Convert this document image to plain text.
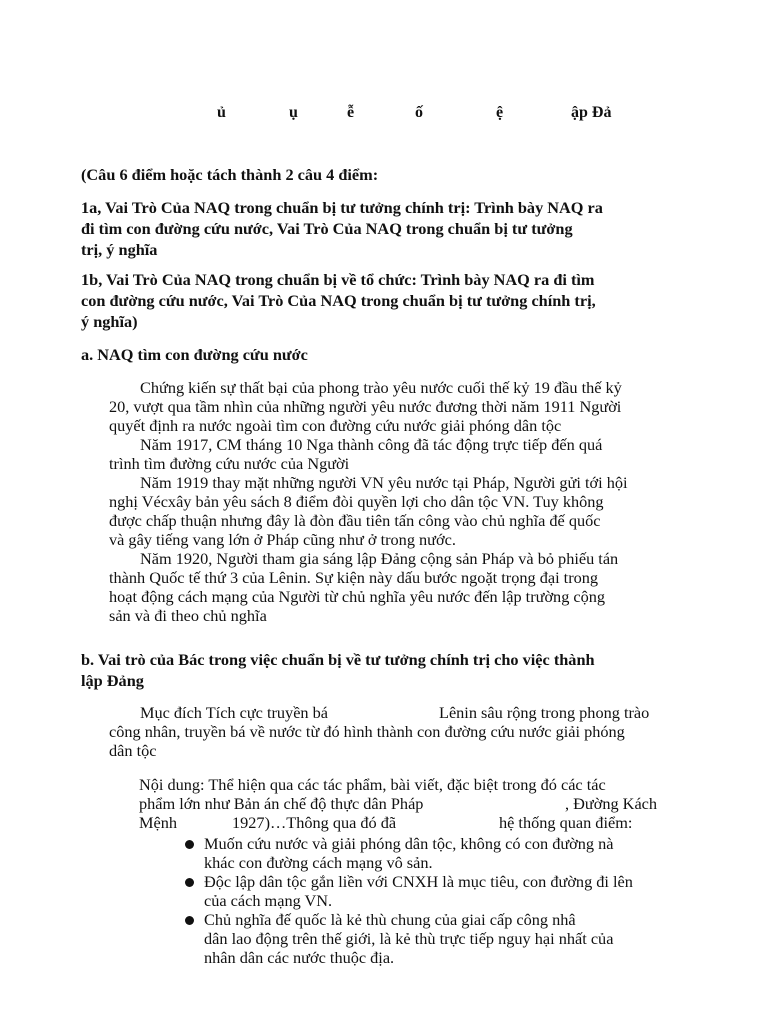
ủ	ụ	ễ	ố	ệ	ập Đả

(Câu 6 điểm hoặc tách thành 2 câu 4 điểm:

1a, Vai Trò Của NAQ trong chuẩn bị tư tưởng chính trị: Trình bày NAQ ra
đi tìm con đường cứu nước, Vai Trò Của NAQ trong chuẩn bị tư tưởng
trị, ý nghĩa
1b, Vai Trò Của NAQ trong chuẩn bị về tổ chức: Trình bày NAQ ra đi tìm
con đường cứu nước, Vai Trò Của NAQ trong chuẩn bị tư tưởng chính trị,
ý nghĩa)

a. NAQ tìm con đường cứu nước

Chứng kiến sự thất bại của phong trào yêu nước cuối thế kỷ 19 đầu thế kỷ
20, vượt qua tầm nhìn của những người yêu nước đương thời năm 1911 Người
quyết định ra nước ngoài tìm con đường cứu nước giải phóng dân tộc
Năm 1917, CM tháng 10 Nga thành công đã tác động trực tiếp đến quá
trình tìm đường cứu nước của Người
Năm 1919 thay mặt những người VN yêu nước tại Pháp, Người gửi tới hội
nghị Vécxây bản yêu sách 8 điểm đòi quyền lợi cho dân tộc VN. Tuy không
được chấp thuận nhưng đây là đòn đầu tiên tấn công vào chủ nghĩa đế quốc
và gây tiếng vang lớn ở Pháp cũng như ở trong nước.
Năm 1920, Người tham gia sáng lập Đảng cộng sản Pháp và bỏ phiếu tán
thành Quốc tế thứ 3 của Lênin. Sự kiện này dấu bước ngoặt trọng đại trong
hoạt động cách mạng của Người từ chủ nghĩa yêu nước đến lập trường cộng
sản và đi theo chủ nghĩa
b. Vai trò của Bác trong việc chuẩn bị về tư tưởng chính trị cho việc thành
lập Đảng
Mục đích Tích cực truyền bá	Lênin sâu rộng trong phong trào
công nhân, truyền bá về nước từ đó hình thành con đường cứu nước giải phóng
dân tộc
Nội dung: Thể hiện qua các tác phẩm, bài viết, đặc biệt trong đó các tác
phẩm lớn như Bản án chế độ thực dân Pháp	, Đường Kách
Mệnh	1927)…Thông qua đó đã	hệ thống quan điểm:
Muốn cứu nước và giải phóng dân tộc, không có con đường nà
khác con đường cách mạng vô sản.
Độc lập dân tộc gắn liền với CNXH là mục tiêu, con đường đi lên
của cách mạng VN.
Chủ nghĩa đế quốc là kẻ thù chung của giai cấp công nhâ
dân lao động trên thế giới, là kẻ thù trực tiếp nguy hại nhất của
nhân dân các nước thuộc địa.
